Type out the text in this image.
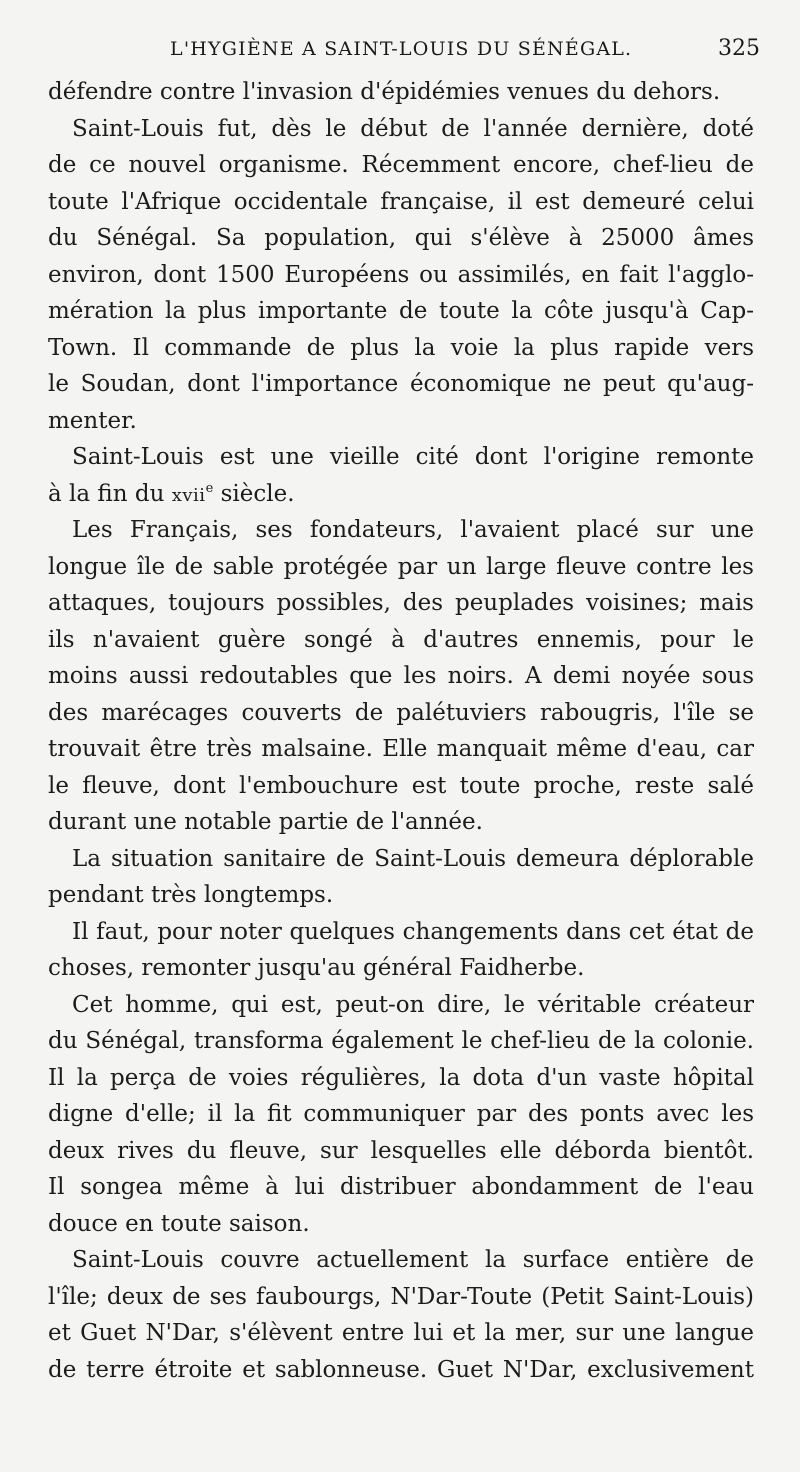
L'HYGIÈNE A SAINT-LOUIS DU SÉNÉGAL.	325
défendre contre l'invasion d'épidémies venues du dehors.
Saint-Louis fut, dès le début de l'année dernière, doté
de ce nouvel organisme. Récemment encore, chef-lieu de
toute l'Afrique occidentale française, il est demeuré celui
du Sénégal. Sa population, qui s'élève à 25000 âmes
environ, dont 1500 Européens ou assimilés, en fait l'agglo-
mération la plus importante de toute la côte jusqu'à Cap-
Town. Il commande de plus la voie la plus rapide vers
le Soudan, dont l'importance économique ne peut qu'aug-
menter.
Saint-Louis est une vieille cité dont l'origine remonte
à la fin du xvii$^e$ siècle.
Les Français, ses fondateurs, l'avaient placé sur une
longue île de sable protégée par un large fleuve contre les
attaques, toujours possibles, des peuplades voisines; mais
ils n'avaient guère songé à d'autres ennemis, pour le
moins aussi redoutables que les noirs. A demi noyée sous
des marécages couverts de palétuviers rabougris, l'île se
trouvait être très malsaine. Elle manquait même d'eau, car
le fleuve, dont l'embouchure est toute proche, reste salé
durant une notable partie de l'année.
La situation sanitaire de Saint-Louis demeura déplorable
pendant très longtemps.
Il faut, pour noter quelques changements dans cet état de
choses, remonter jusqu'au général Faidherbe.
Cet homme, qui est, peut-on dire, le véritable créateur
du Sénégal, transforma également le chef-lieu de la colonie.
Il la perça de voies régulières, la dota d'un vaste hôpital
digne d'elle; il la fit communiquer par des ponts avec les
deux rives du fleuve, sur lesquelles elle déborda bientôt.
Il songea même à lui distribuer abondamment de l'eau
douce en toute saison.
Saint-Louis couvre actuellement la surface entière de
l'île; deux de ses faubourgs, N'Dar-Toute (Petit Saint-Louis)
et Guet N'Dar, s'élèvent entre lui et la mer, sur une langue
de terre étroite et sablonneuse. Guet N'Dar, exclusivement
